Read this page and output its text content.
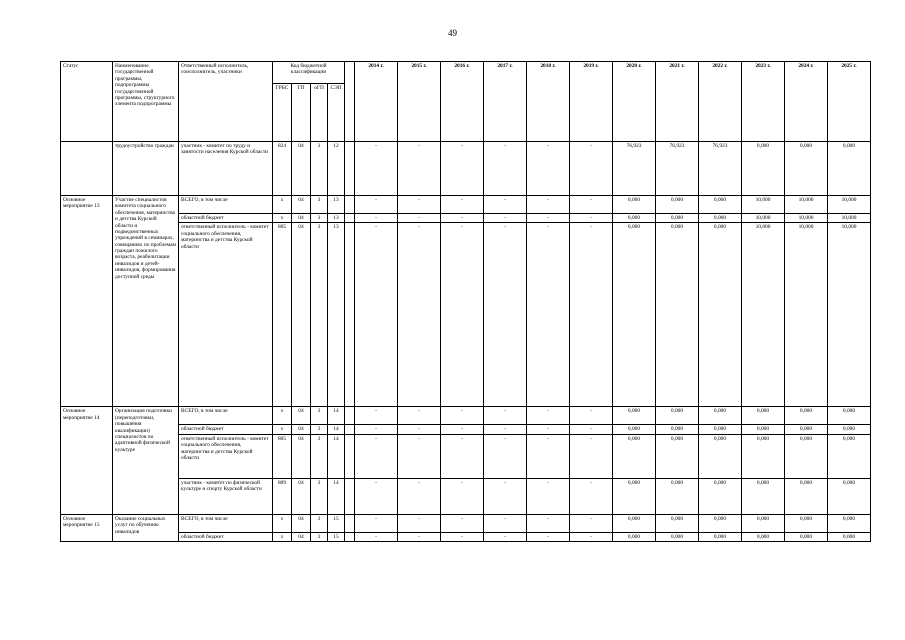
49
Статус	Наименование государственной программы, подпрограммы государственной программы, структурного элемента подпрограммы	Ответственный исполнитель, соисполнитель, участники	Код бюджетной классификации					2014 г.	2015 г.	2016 г.	2017 г.	2018 г.	2019 г.	2020 г.	2021 г.	2022 г.	2023 г.	2024 г.	2025 г.
			ГРБС	ГП	оГП	СЭП													
	трудоустройство граждан	участник - комитет по труду и занятости населения Курской области	824	04	3	12		-	-	-	-	-	-	76,923	76,923	76,923	0,000	0,000	0,000
Основное мероприятие 13	Участие специалистов комитета социального обеспечения, материнства и детства Курской области и подведомственных учреждений в семинарах, совещаниях по проблемам граждан пожилого возраста, реабилитации инвалидов и детей-инвалидов, формирования доступной среды	ВСЕГО, в том числе	x	04	3	13		-	-	-	-	-	-	0,000	0,000	0,000	10,000	10,000	10,000
		областной бюджет	x	04	3	13		-	-	-	-	-	-	0,000	0,000	0,000	10,000	10,000	10,000
		ответственный исполнитель - комитет социального обеспечения, материнства и детства Курской области	805	04	3	13		-	-	-	-	-	-	0,000	0,000	0,000	10,000	10,000	10,000
Основное мероприятие 14	Организация подготовки (переподготовки, повышения квалификации) специалистов по адаптивной физической культуре	ВСЕГО, в том числе	x	04	3	14		-	-	-	-	-	-	0,000	0,000	0,000	0,000	0,000	0,000
		областной бюджет	x	04	3	14		-	-	-	-	-	-	0,000	0,000	0,000	0,000	0,000	0,000
		ответственный исполнитель - комитет социального обеспечения, материнства и детства Курской области	805	04	3	14		-	-	-	-	-	-	0,000	0,000	0,000	0,000	0,000	0,000
		участник - комитет по физической культуре и спорту Курской области	809	04	3	14		-	-	-	-	-	-	0,000	0,000	0,000	0,000	0,000	0,000
Основное мероприятие 15	Оказание социальных услуг по обучению инвалидов	ВСЕГО, в том числе	x	04	3	15		-	-	-	-	-	-	0,000	0,000	0,000	0,000	0,000	0,000
		областной бюджет	x	04	3	15		-	-	-	-	-	-	0,000	0,000	0,000	0,000	0,000	0,000
